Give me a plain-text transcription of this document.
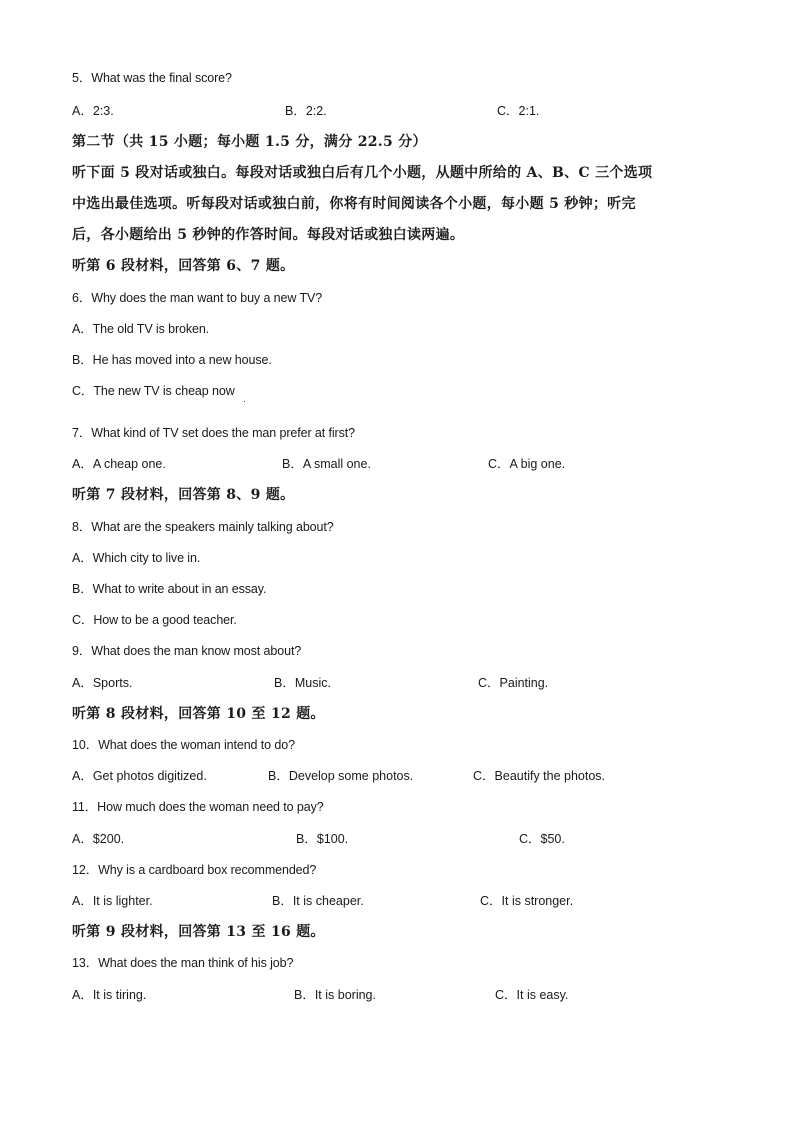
5．What was the final score?
A．2:3.	B．2:2.	C．2:1.
第二节（共 15 小题；每小题 1.5 分，满分 22.5 分）
听下面 5 段对话或独白。每段对话或独白后有几个小题，从题中所给的 A、B、C 三个选项
中选出最佳选项。听每段对话或独白前，你将有时间阅读各个小题，每小题 5 秒钟；听完
后，各小题给出 5 秒钟的作答时间。每段对话或独白读两遍。
听第 6 段材料，回答第 6、7 题。
6．Why does the man want to buy a new TV?
A．The old TV is broken.
B．He has moved into a new house.
C．The new TV is cheap now
7．What kind of TV set does the man prefer at first?
A．A cheap one.	B．A small one.	C．A big one.
听第 7 段材料，回答第 8、9 题。
8．What are the speakers mainly talking about?
A．Which city to live in.
B．What to write about in an essay.
C．How to be a good teacher.
9．What does the man know most about?
A．Sports.	B．Music.	C．Painting.
听第 8 段材料，回答第 10 至 12 题。
10．What does the woman intend to do?
A．Get photos digitized.	B．Develop some photos.	C．Beautify the photos.
11．How much does the woman need to pay?
A．$200.	B．$100.	C．$50.
12．Why is a cardboard box recommended?
A．It is lighter.	B．It is cheaper.	C．It is stronger.
听第 9 段材料，回答第 13 至 16 题。
13．What does the man think of his job?
A．It is tiring.	B．It is boring.	C．It is easy.
